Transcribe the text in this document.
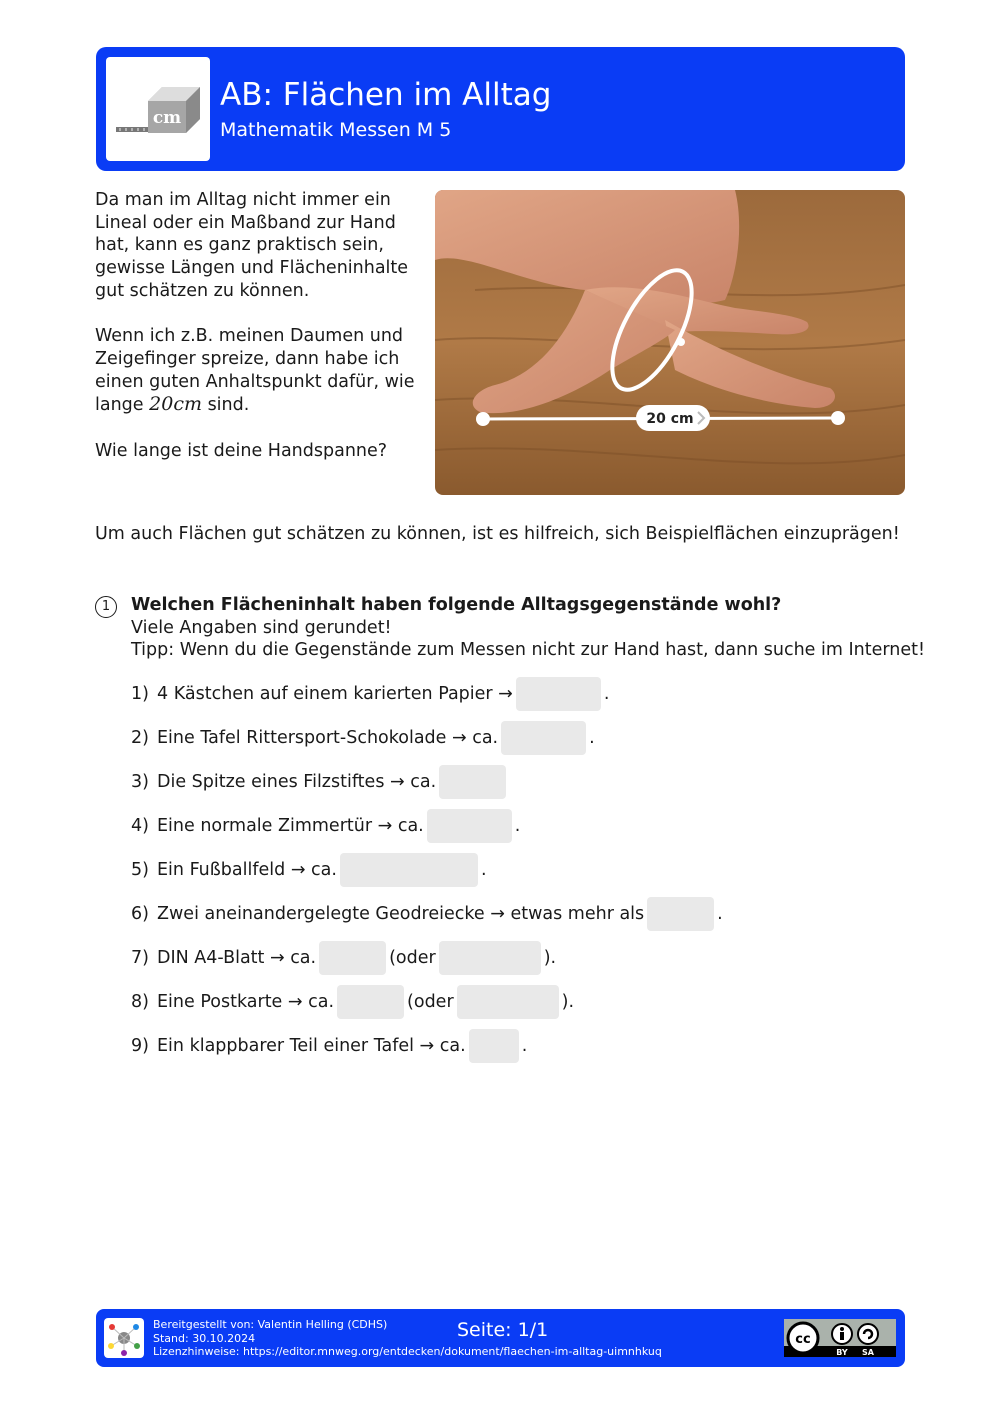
cm
AB: Flächen im Alltag
Mathematik Messen M 5

Da man im Alltag nicht immer ein Lineal oder ein Maßband zur Hand hat, kann es ganz praktisch sein, gewisse Längen und Flächeninhalte gut schätzen zu können.

Wenn ich z.B. meinen Daumen und Zeigefinger spreize, dann habe ich einen guten Anhaltspunkt dafür, wie lange 20cm sind.

Wie lange ist deine Handspanne?

20 cm
Um auch Flächen gut schätzen zu können, ist es hilfreich, sich Beispielflächen einzuprägen!
1	Welchen Flächeninhalt haben folgende Alltagsgegenstände wohl?
Viele Angaben sind gerundet!
Tipp: Wenn du die Gegenstände zum Messen nicht zur Hand hast, dann suche im Internet!
1) 4 Kästchen auf einem karierten Papier →	.
2) Eine Tafel Rittersport-Schokolade → ca.	.
3) Die Spitze eines Filzstiftes → ca.
4) Eine normale Zimmertür → ca.	.
5) Ein Fußballfeld → ca.	.
6) Zwei aneinandergelegte Geodreiecke → etwas mehr als	.
7) DIN A4-Blatt → ca.	(oder	).
8) Eine Postkarte → ca.	(oder	).
9) Ein klappbarer Teil einer Tafel → ca.	.
Bereitgestellt von: Valentin Helling (CDHS)
Stand: 30.10.2024
Lizenzhinweise: https://editor.mnweg.org/entdecken/dokument/flaechen-im-alltag-uimnhkuq
Seite: 1/1	cc
BY SA
